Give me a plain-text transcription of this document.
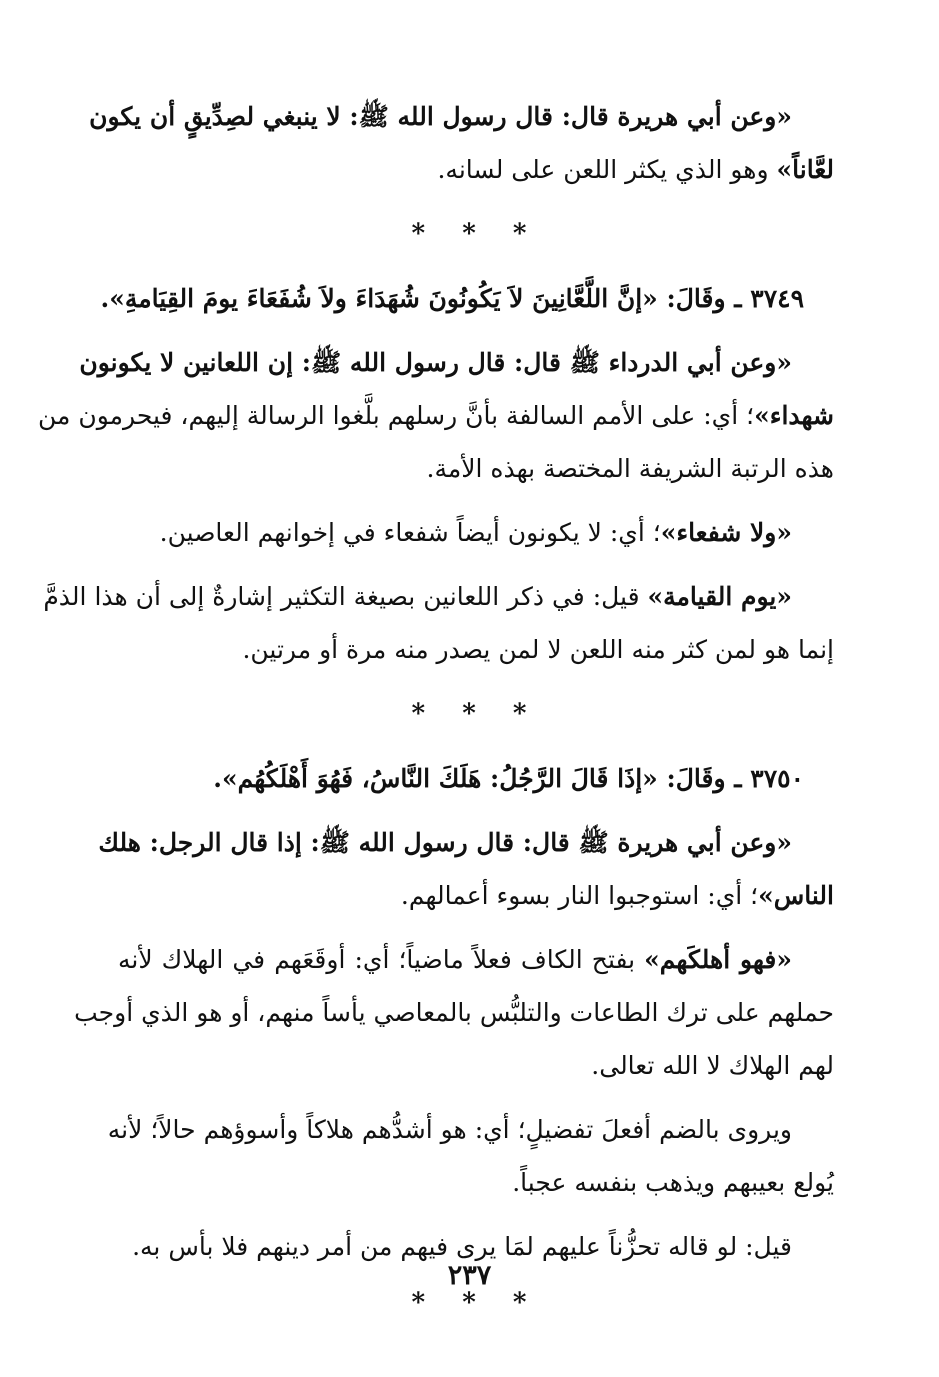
«وعن أبي هريرة قال: قال رسول الله ﷺ: لا ينبغي لصِدِّيقٍ أن يكون
لعَّاناً» وهو الذي يكثر اللعن على لسانه.
* * *
٣٧٤٩ ـ وقَالَ: «إنَّ اللَّعَّانِينَ لاَ يَكُونُونَ شُهَدَاءَ ولاَ شُفَعَاءَ يومَ القِيَامةِ».
«وعن أبي الدرداء ﷺ قال: قال رسول الله ﷺ: إن اللعانين لا يكونون
شهداء»؛ أي: على الأمم السالفة بأنَّ رسلهم بلَّغوا الرسالة إليهم، فيحرمون من
هذه الرتبة الشريفة المختصة بهذه الأمة.
«ولا شفعاء»؛ أي: لا يكونون أيضاً شفعاء في إخوانهم العاصين.
«يوم القيامة» قيل: في ذكر اللعانين بصيغة التكثير إشارةٌ إلى أن هذا الذمَّ
إنما هو لمن كثر منه اللعن لا لمن يصدر منه مرة أو مرتين.
* * *
٣٧٥٠ ـ وقَالَ: «إذَا قَالَ الرَّجُلُ: هَلَكَ النَّاسُ، فَهُوَ أَهْلَكُهُم».
«وعن أبي هريرة ﷺ قال: قال رسول الله ﷺ: إذا قال الرجل: هلك
الناس»؛ أي: استوجبوا النار بسوء أعمالهم.
«فهو أهلكَهم» بفتح الكاف فعلاً ماضياً؛ أي: أوقَعَهم في الهلاك لأنه
حملهم على ترك الطاعات والتلبُّس بالمعاصي يأساً منهم، أو هو الذي أوجب
لهم الهلاك لا الله تعالى.
ويروى بالضم أفعلَ تفضيلٍ؛ أي: هو أشدُّهم هلاكاً وأسوؤهم حالاً؛ لأنه
يُولع بعيبهم ويذهب بنفسه عجباً.
قيل: لو قاله تحزُّناً عليهم لمَا يرى فيهم من أمر دينهم فلا بأس به.
* * *
٢٣٧
